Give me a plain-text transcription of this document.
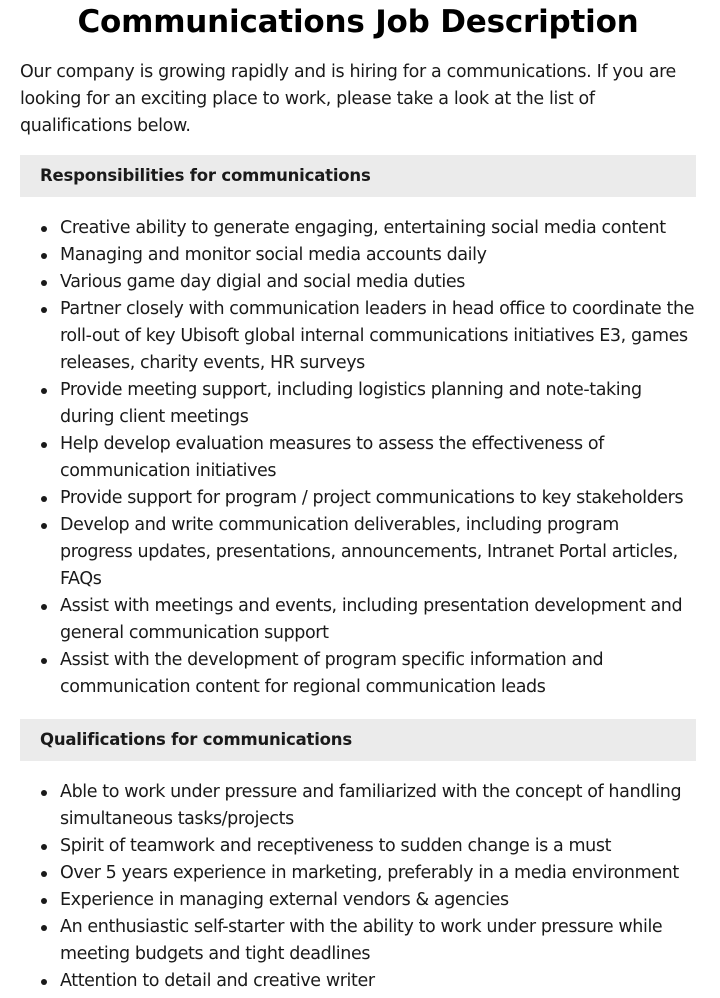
Communications Job Description

Our company is growing rapidly and is hiring for a communications. If you are looking for an exciting place to work, please take a look at the list of qualifications below.

Responsibilities for communications
Creative ability to generate engaging, entertaining social media content
Managing and monitor social media accounts daily
Various game day digial and social media duties
Partner closely with communication leaders in head office to coordinate the roll-out of key Ubisoft global internal communications initiatives E3, games releases, charity events, HR surveys
Provide meeting support, including logistics planning and note-taking during client meetings
Help develop evaluation measures to assess the effectiveness of communication initiatives
Provide support for program / project communications to key stakeholders
Develop and write communication deliverables, including program progress updates, presentations, announcements, Intranet Portal articles, FAQs
Assist with meetings and events, including presentation development and general communication support
Assist with the development of program specific information and communication content for regional communication leads
Qualifications for communications
Able to work under pressure and familiarized with the concept of handling simultaneous tasks/projects
Spirit of teamwork and receptiveness to sudden change is a must
Over 5 years experience in marketing, preferably in a media environment
Experience in managing external vendors & agencies
An enthusiastic self-starter with the ability to work under pressure while meeting budgets and tight deadlines
Attention to detail and creative writer
